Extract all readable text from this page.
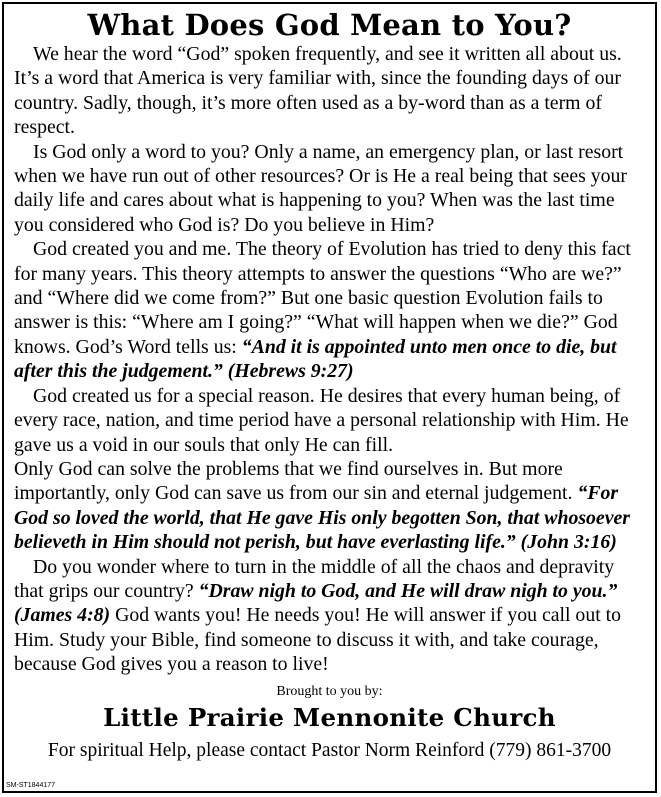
What Does God Mean to You?

We hear the word “God” spoken frequently, and see it written all about us. It’s a word that America is very familiar with, since the founding days of our country. Sadly, though, it’s more often used as a by-word than as a term of respect.

Is God only a word to you? Only a name, an emergency plan, or last resort when we have run out of other resources? Or is He a real being that sees your daily life and cares about what is happening to you? When was the last time you considered who God is? Do you believe in Him?

God created you and me. The theory of Evolution has tried to deny this fact for many years. This theory attempts to answer the questions “Who are we?” and “Where did we come from?” But one basic question Evolution fails to answer is this: “Where am I going?” “What will happen when we die?” God knows. God’s Word tells us: “And it is appointed unto men once to die, but after this the judgement.” (Hebrews 9:27)

God created us for a special reason. He desires that every human being, of every race, nation, and time period have a personal relationship with Him. He gave us a void in our souls that only He can fill.

Only God can solve the problems that we find ourselves in. But more importantly, only God can save us from our sin and eternal judgement. “For God so loved the world, that He gave His only begotten Son, that whosoever believeth in Him should not perish, but have everlasting life.” (John 3:16)

Do you wonder where to turn in the middle of all the chaos and depravity that grips our country? “Draw nigh to God, and He will draw nigh to you.” (James 4:8) God wants you! He needs you! He will answer if you call out to Him. Study your Bible, find someone to discuss it with, and take courage, because God gives you a reason to live!

Brought to you by:
Little Prairie Mennonite Church
For spiritual Help, please contact Pastor Norm Reinford (779) 861-3700
SM-ST1844177
